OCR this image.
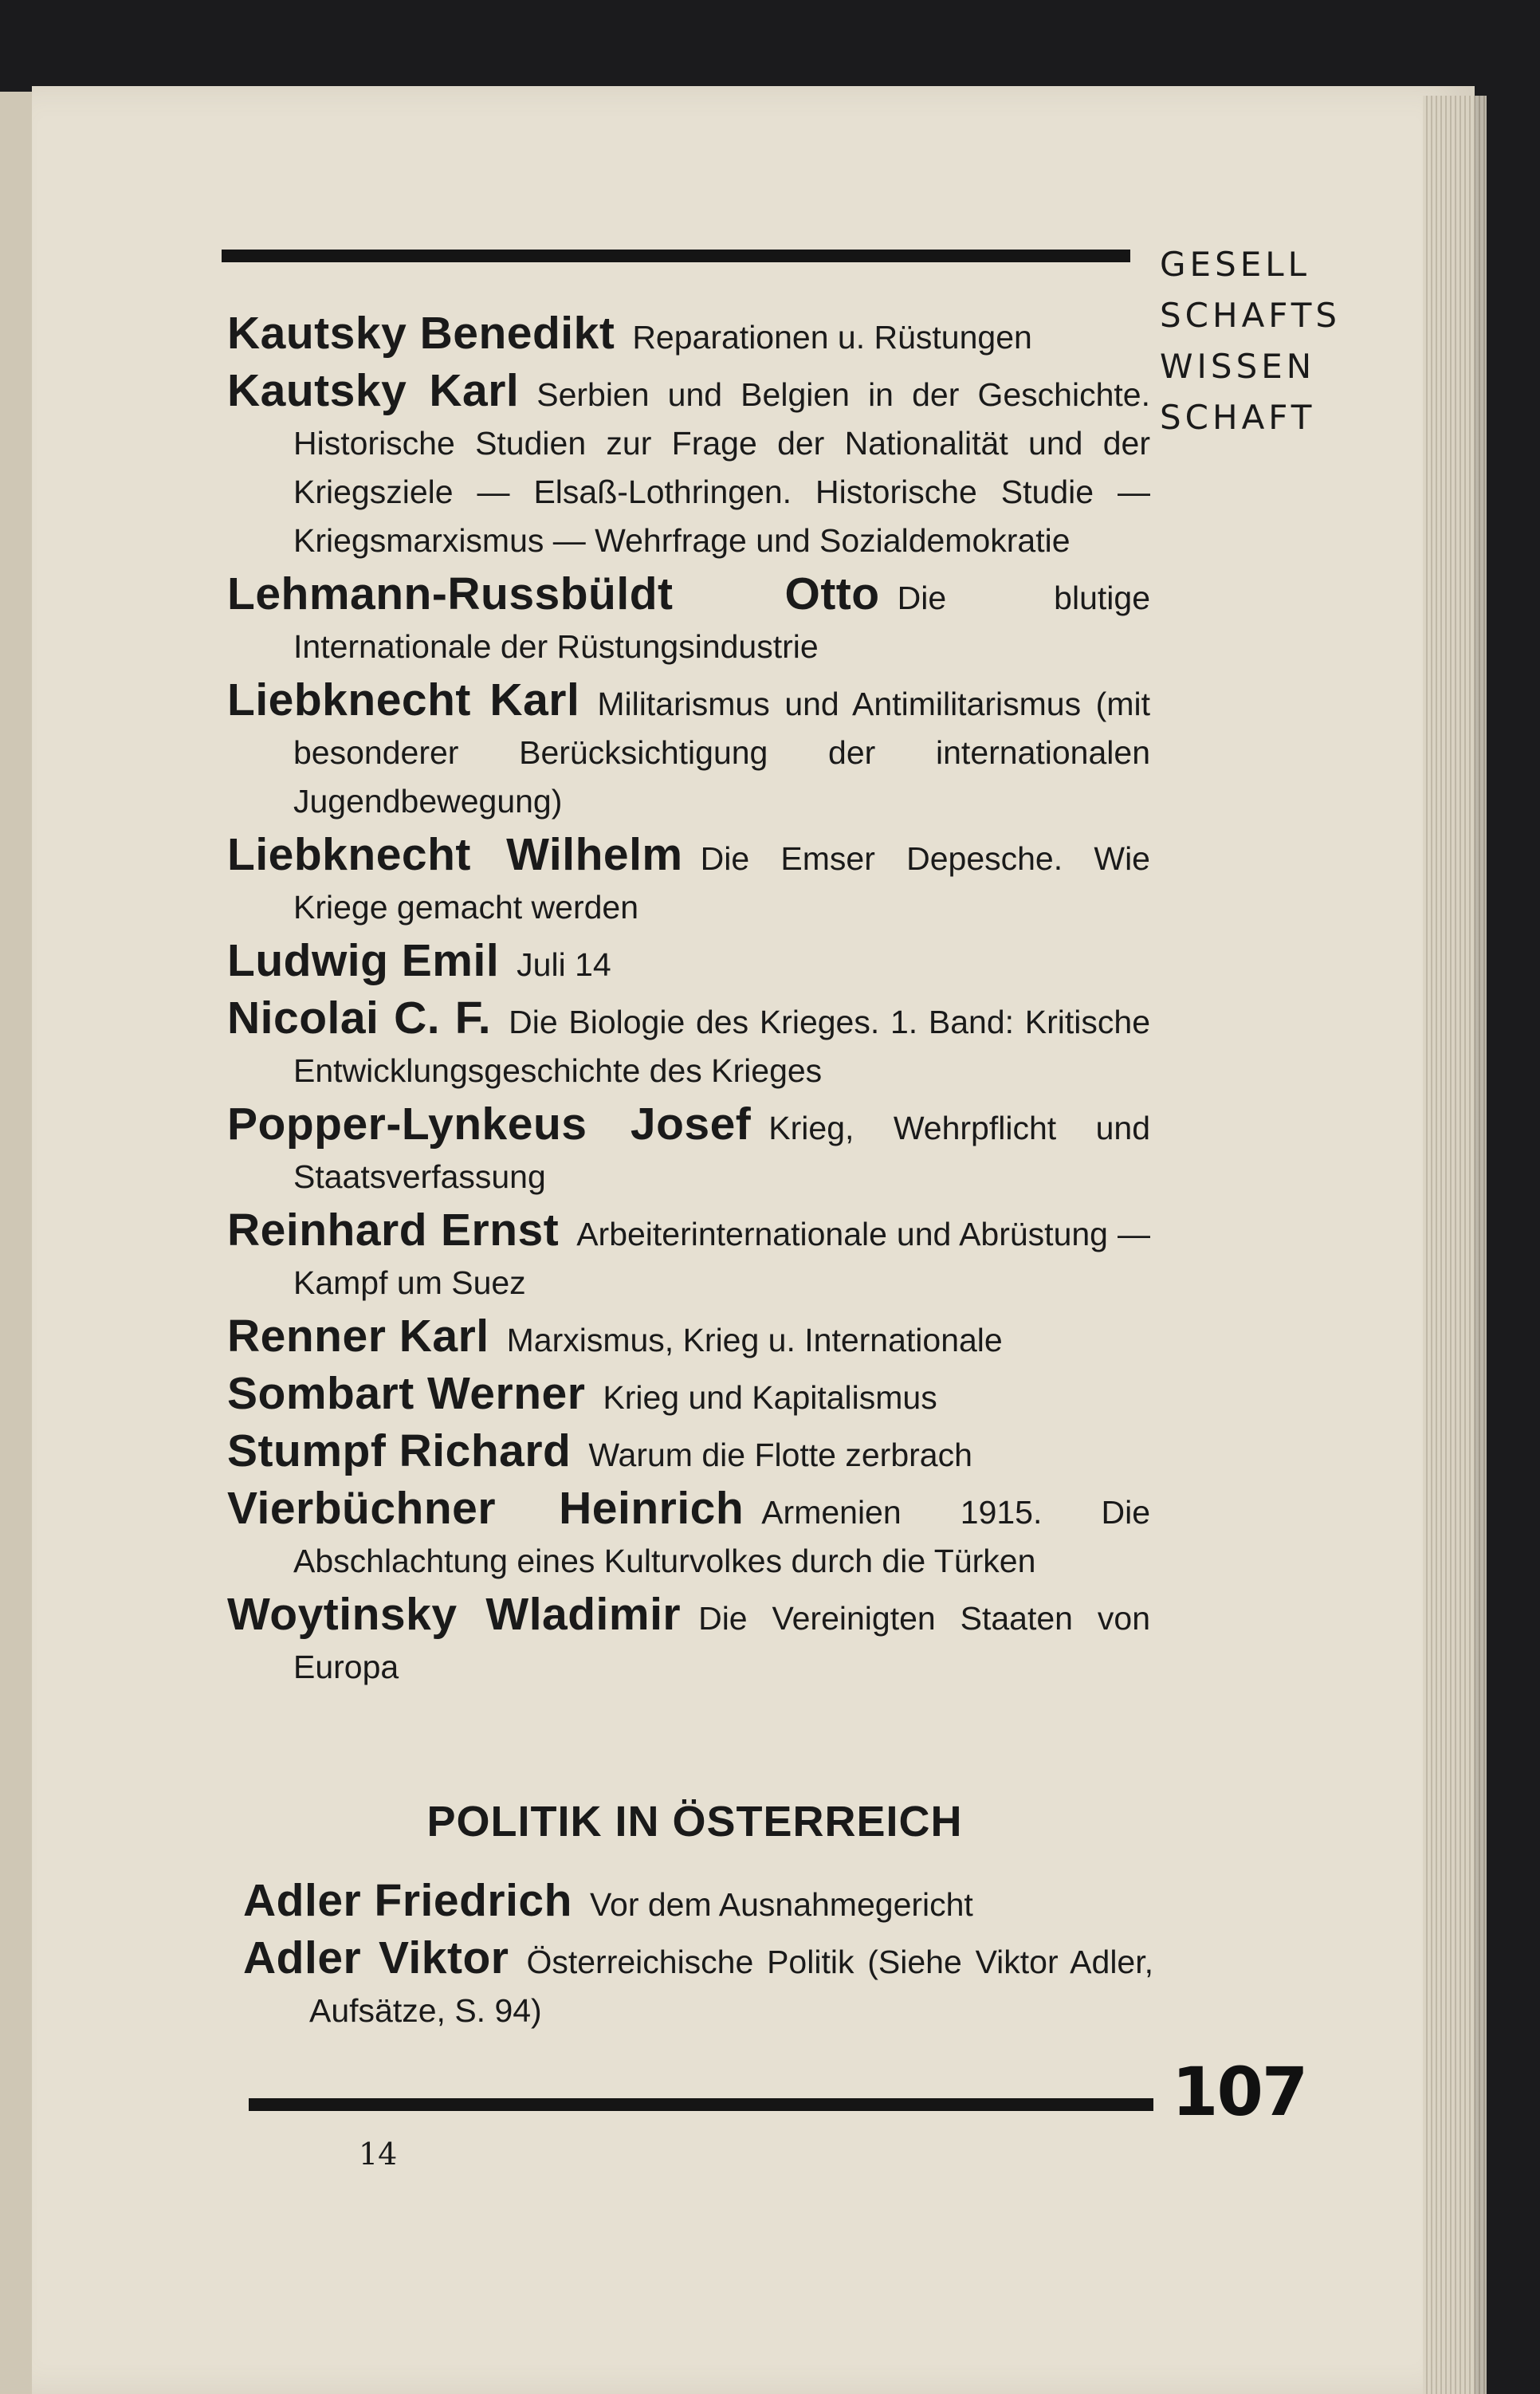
GESELL
SCHAFTS
WISSEN
SCHAFT
Kautsky Benedikt Reparationen u. Rüstungen
Kautsky Karl Serbien und Belgien in der Geschichte. Historische Studien zur Frage der Nationalität und der Kriegsziele — Elsaß-Lothringen. Historische Studie — Kriegsmarxismus — Wehrfrage und Sozialdemokratie
Lehmann-Russbüldt Otto Die blutige Internationale der Rüstungsindustrie
Liebknecht Karl Militarismus und Antimilitarismus (mit besonderer Berücksichtigung der internationalen Jugendbewegung)
Liebknecht Wilhelm Die Emser Depesche. Wie Kriege gemacht werden
Ludwig Emil Juli 14
Nicolai C. F. Die Biologie des Krieges. 1. Band: Kritische Entwicklungsgeschichte des Krieges
Popper-Lynkeus Josef Krieg, Wehrpflicht und Staatsverfassung
Reinhard Ernst Arbeiterinternationale und Abrüstung — Kampf um Suez
Renner Karl Marxismus, Krieg u. Internationale
Sombart Werner Krieg und Kapitalismus
Stumpf Richard Warum die Flotte zerbrach
Vierbüchner Heinrich Armenien 1915. Die Abschlachtung eines Kulturvolkes durch die Türken
Woytinsky Wladimir Die Vereinigten Staaten von Europa
POLITIK IN ÖSTERREICH
Adler Friedrich Vor dem Ausnahmegericht
Adler Viktor Österreichische Politik (Siehe Viktor Adler, Aufsätze, S. 94)
107
14
